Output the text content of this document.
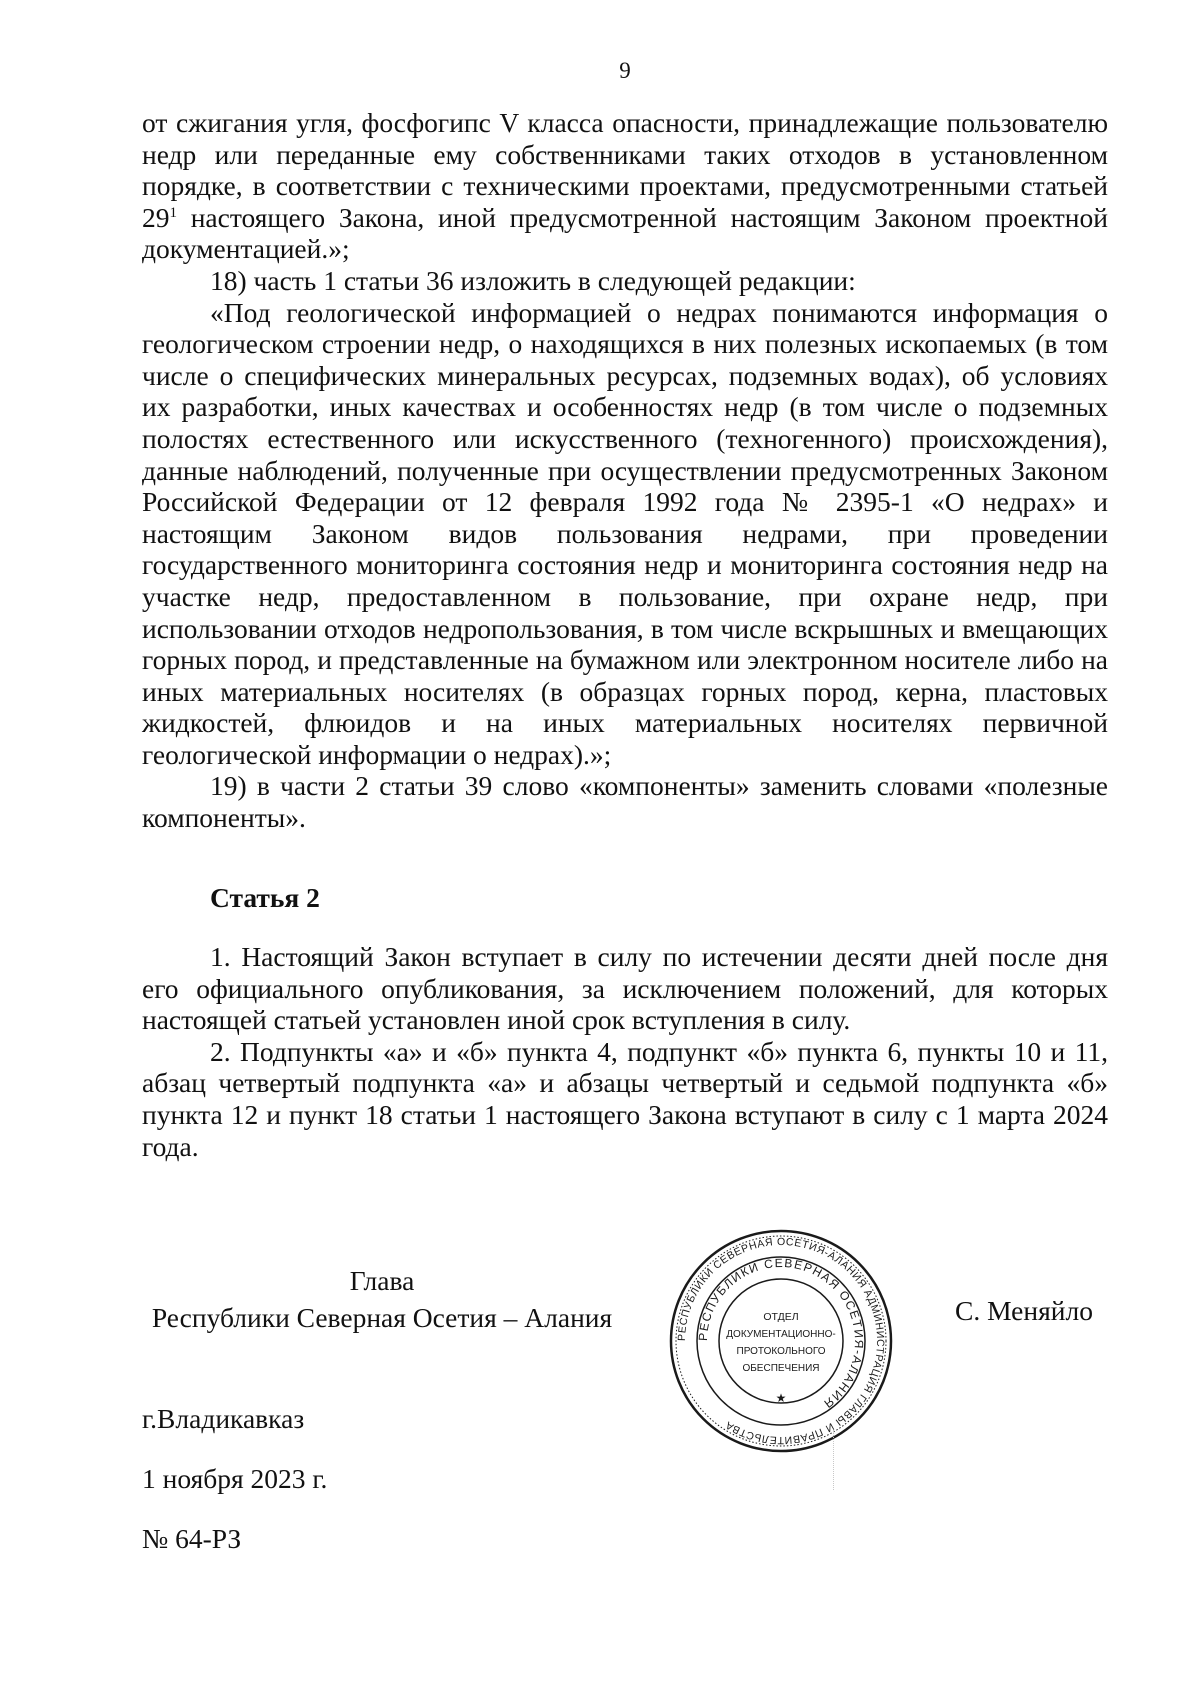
9

от сжигания угля, фосфогипс V класса опасности, принадлежащие пользователю недр или переданные ему собственниками таких отходов в установленном порядке, в соответствии с техническими проектами, предусмотренными статьей $29^1$ настоящего Закона, иной предусмотренной настоящим Законом проектной документацией.»;

18) часть 1 статьи 36 изложить в следующей редакции:

«Под геологической информацией о недрах понимаются информация о геологическом строении недр, о находящихся в них полезных ископаемых (в том числе о специфических минеральных ресурсах, подземных водах), об условиях их разработки, иных качествах и особенностях недр (в том числе о подземных полостях естественного или искусственного (техногенного) происхождения), данные наблюдений, полученные при осуществлении предусмотренных Законом Российской Федерации от 12 февраля 1992 года № 2395-1 «О недрах» и настоящим Законом видов пользования недрами, при проведении государственного мониторинга состояния недр и мониторинга состояния недр на участке недр, предоставленном в пользование, при охране недр, при использовании отходов недропользования, в том числе вскрышных и вмещающих горных пород, и представленные на бумажном или электронном носителе либо на иных материальных носителях (в образцах горных пород, керна, пластовых жидкостей, флюидов и на иных материальных носителях первичной геологической информации о недрах).»;

19) в части 2 статьи 39 слово «компоненты» заменить словами «полезные компоненты».

Статья 2

1. Настоящий Закон вступает в силу по истечении десяти дней после дня его официального опубликования, за исключением положений, для которых настоящей статьей установлен иной срок вступления в силу.

2. Подпункты «а» и «б» пункта 4, подпункт «б» пункта 6, пункты 10 и 11, абзац четвертый подпункта «а» и абзацы четвертый и седьмой подпункта «б» пункта 12 и пункт 18 статьи 1 настоящего Закона вступают в силу с 1 марта 2024 года.

Глава
Республики Северная Осетия – Алания
РЕСПУБЛИКИ СЕВЕРНАЯ ОСЕТИЯ-АЛАНИЯ АДМИНИСТРАЦИЯ ГЛАВЫ И ПРАВИТЕЛЬСТВА
РЕСПУБЛИКИ СЕВЕРНАЯ ОСЕТИЯ-АЛАНИЯ
ОТДЕЛ
ДОКУМЕНТАЦИОННО-
ПРОТОКОЛЬНОГО
ОБЕСПЕЧЕНИЯ
★
С. Меняйло
г.Владикавказ
1 ноября 2023 г.
№ 64-РЗ
